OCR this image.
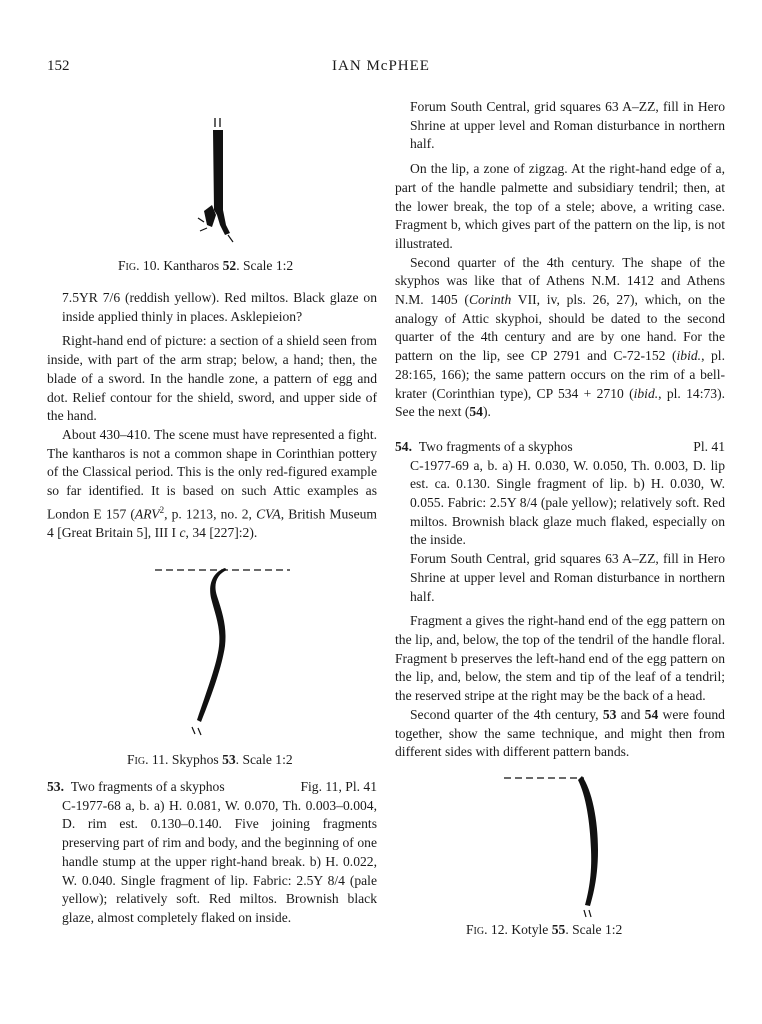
152	IAN McPHEE
Fig. 10. Kantharos 52. Scale 1:2

7.5YR 7/6 (reddish yellow). Red miltos. Black glaze on inside applied thinly in places. Asklepieion?

Right-hand end of picture: a section of a shield seen from inside, with part of the arm strap; below, a hand; then, the blade of a sword. In the handle zone, a pattern of egg and dot. Relief contour for the shield, sword, and upper side of the hand.

About 430–410. The scene must have represented a fight. The kantharos is not a common shape in Corinthian pottery of the Classical period. This is the only red-figured example so far identified. It is based on such Attic examples as London E 157 (ARV$^2$, p. 1213, no. 2, CVA, British Museum 4 [Great Britain 5], III I c, 34 [227]:2).

Fig. 11. Skyphos 53. Scale 1:2
53. Two fragments of a skyphos	Fig. 11, Pl. 41

C-1977-68 a, b. a) H. 0.081, W. 0.070, Th. 0.003–0.004, D. rim est. 0.130–0.140. Five joining fragments preserving part of rim and body, and the beginning of one handle stump at the upper right-hand break. b) H. 0.022, W. 0.040. Single fragment of lip. Fabric: 2.5Y 8/4 (pale yellow); relatively soft. Red miltos. Brownish black glaze, almost completely flaked on inside.

Forum South Central, grid squares 63 A–ZZ, fill in Hero Shrine at upper level and Roman disturbance in northern half.

On the lip, a zone of zigzag. At the right-hand edge of a, part of the handle palmette and subsidiary tendril; then, at the lower break, the top of a stele; above, a writing case. Fragment b, which gives part of the pattern on the lip, is not illustrated.

Second quarter of the 4th century. The shape of the skyphos was like that of Athens N.M. 1412 and Athens N.M. 1405 (Corinth VII, iv, pls. 26, 27), which, on the analogy of Attic skyphoi, should be dated to the second quarter of the 4th century and are by one hand. For the pattern on the lip, see CP 2791 and C-72-152 (ibid., pl. 28:165, 166); the same pattern occurs on the rim of a bell-krater (Corinthian type), CP 534 + 2710 (ibid., pl. 14:73). See the next (54).

54. Two fragments of a skyphos	Pl. 41

C-1977-69 a, b. a) H. 0.030, W. 0.050, Th. 0.003, D. lip est. ca. 0.130. Single fragment of lip. b) H. 0.030, W. 0.055. Fabric: 2.5Y 8/4 (pale yellow); relatively soft. Red miltos. Brownish black glaze much flaked, especially on the inside.

Forum South Central, grid squares 63 A–ZZ, fill in Hero Shrine at upper level and Roman disturbance in northern half.

Fragment a gives the right-hand end of the egg pattern on the lip, and, below, the top of the tendril of the handle floral. Fragment b preserves the left-hand end of the egg pattern on the lip, and, below, the stem and tip of the leaf of a tendril; the reserved stripe at the right may be the back of a head.

Second quarter of the 4th century, 53 and 54 were found together, show the same technique, and might then from different sides with different pattern bands.

Fig. 12. Kotyle 55. Scale 1:2
